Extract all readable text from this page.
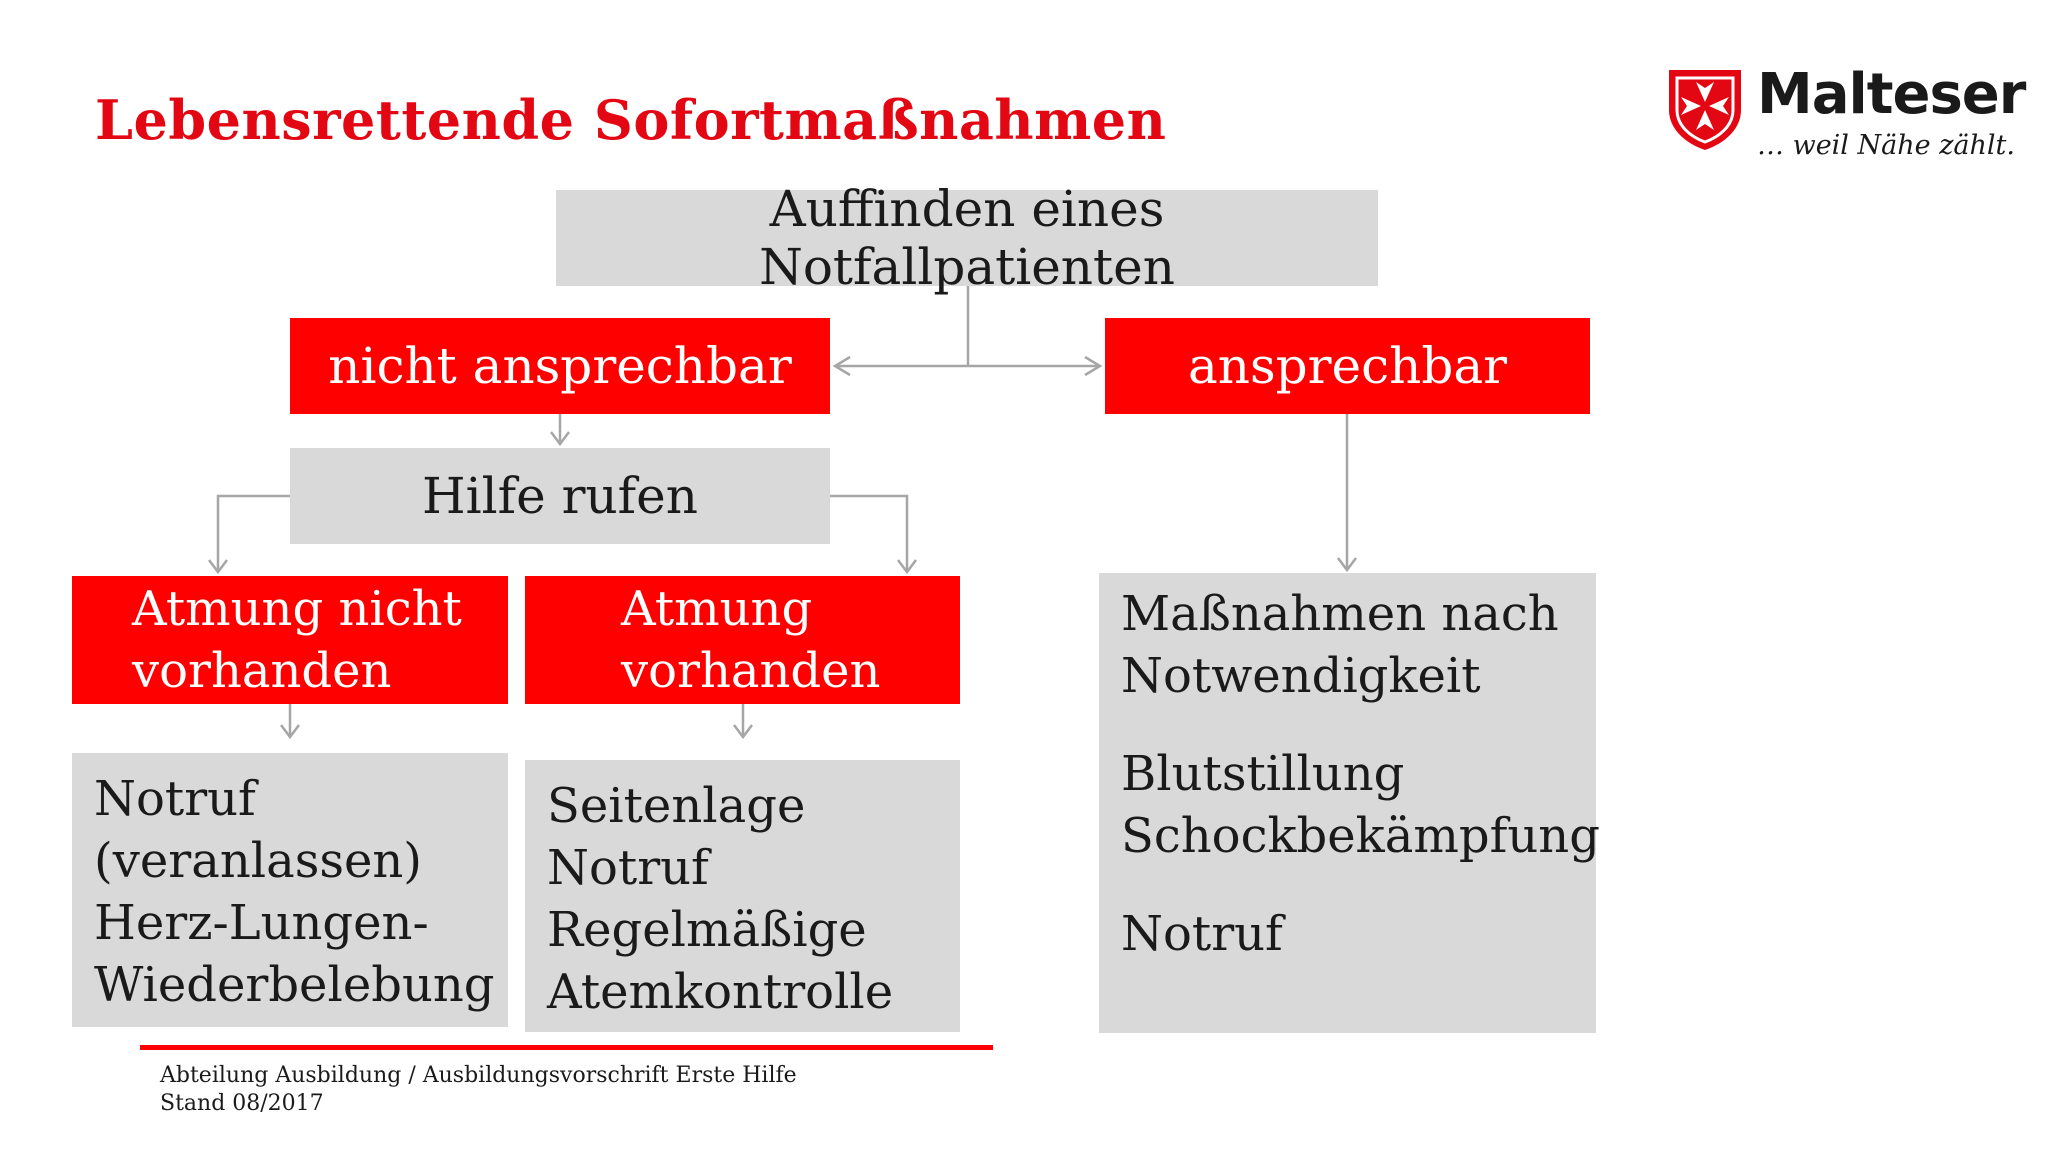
Lebensrettende Sofortmaßnahmen	Malteser
… weil Nähe zählt.
Auffinden eines Notfallpatienten
nicht ansprechbar	ansprechbar
Hilfe rufen
Atmung nicht
vorhanden
Atmung
vorhanden
Notruf
(veranlassen)
Herz-Lungen-
Wiederbelebung
Seitenlage
Notruf
Regelmäßige
Atemkontrolle
Maßnahmen nach
Notwendigkeit
Blutstillung
Schockbekämpfung
Notruf
Abteilung Ausbildung / Ausbildungsvorschrift Erste Hilfe
Stand 08/2017
